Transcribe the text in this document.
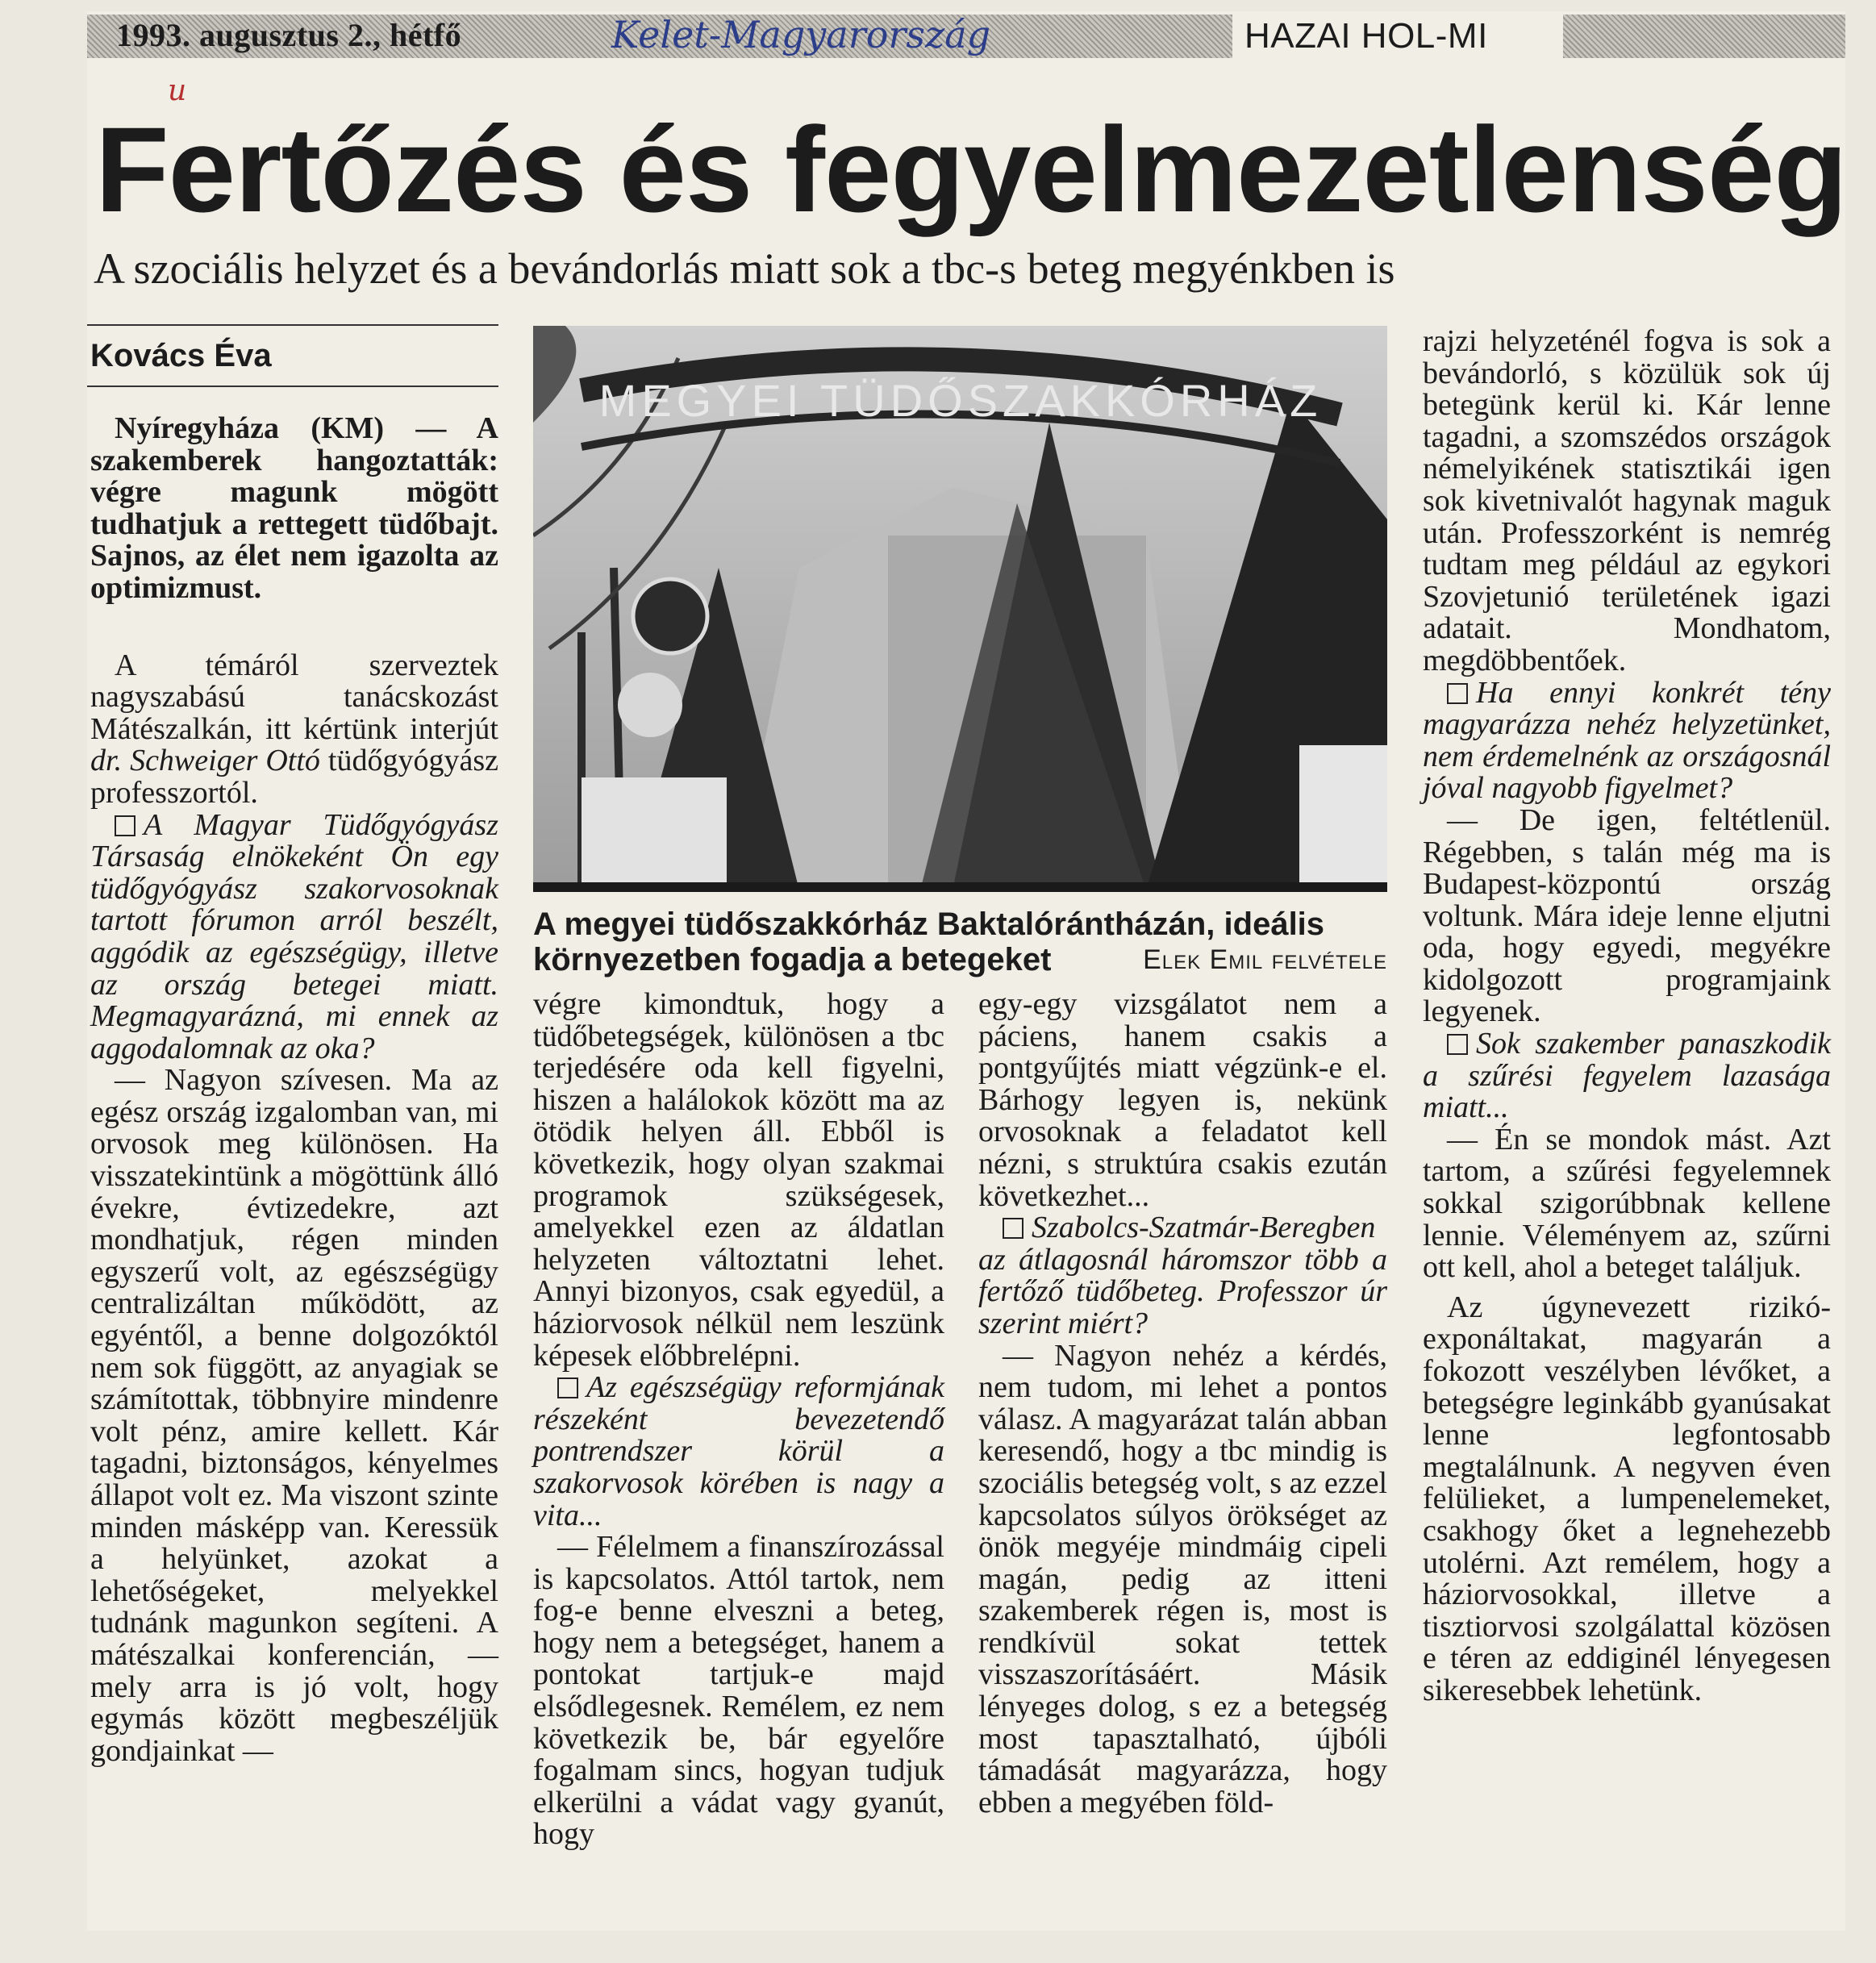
1993. augusztus 2., hétfő	Kelet-Magyarország	HAZAI HOL-MI
u
Fertőzés és fegyelmezetlenség
A szociális helyzet és a bevándorlás miatt sok a tbc-s beteg megyénkben is
Kovács Éva

Nyíregyháza (KM) — A szakemberek hangoztatták: végre magunk mögött tudhatjuk a rettegett tüdőbajt. Sajnos, az élet nem igazolta az optimizmust.

A témáról szerveztek nagyszabású tanácskozást Mátészalkán, itt kértünk interjút dr. Schweiger Ottó tüdőgyógyász professzortól.

A Magyar Tüdőgyógyász Társaság elnökeként Ön egy tüdőgyógyász szakorvosoknak tartott fórumon arról beszélt, aggódik az egészségügy, illetve az ország betegei miatt. Megmagyarázná, mi ennek az aggodalomnak az oka?

— Nagyon szívesen. Ma az egész ország izgalomban van, mi orvosok meg különösen. Ha visszatekintünk a mögöttünk álló évekre, évtizedekre, azt mondhatjuk, régen minden egyszerű volt, az egészségügy centralizáltan működött, az egyéntől, a benne dolgozóktól nem sok függött, az anyagiak se számítottak, többnyire mindenre volt pénz, amire kellett. Kár tagadni, biztonságos, kényelmes állapot volt ez. Ma viszont szinte minden másképp van. Keressük a helyünket, azokat a lehetőségeket, melyekkel tudnánk magunkon segíteni. A mátészalkai konferencián, — mely arra is jó volt, hogy egymás között megbeszéljük gondjainkat —

MEGYEI TÜDŐSZAKKÓRHÁZ
A megyei tüdőszakkórház Baktalórántházán, ideális környezetben fogadja a betegeket	Elek Emil felvétele

végre kimondtuk, hogy a tüdőbetegségek, különösen a tbc terjedésére oda kell figyelni, hiszen a halálokok között ma az ötödik helyen áll. Ebből is következik, hogy olyan szakmai programok szükségesek, amelyekkel ezen az áldatlan helyzeten változtatni lehet. Annyi bizonyos, csak egyedül, a háziorvosok nélkül nem leszünk képesek előbbrelépni.

Az egészségügy reformjának részeként bevezetendő pontrendszer körül a szakorvosok körében is nagy a vita...

— Félelmem a finanszírozással is kapcsolatos. Attól tartok, nem fog-e benne elveszni a beteg, hogy nem a betegséget, hanem a pontokat tartjuk-e majd elsődlegesnek. Remélem, ez nem következik be, bár egyelőre fogalmam sincs, hogyan tudjuk elkerülni a vádat vagy gyanút, hogy

egy-egy vizsgálatot nem a páciens, hanem csakis a pontgyűjtés miatt végzünk-e el. Bárhogy legyen is, nekünk orvosoknak a feladatot kell nézni, s struktúra csakis ezután következhet...

Szabolcs-Szatmár-Beregben az átlagosnál háromszor több a fertőző tüdőbeteg. Professzor úr szerint miért?

— Nagyon nehéz a kérdés, nem tudom, mi lehet a pontos válasz. A magyarázat talán abban keresendő, hogy a tbc mindig is szociális betegség volt, s az ezzel kapcsolatos súlyos örökséget az önök megyéje mindmáig cipeli magán, pedig az itteni szakemberek régen is, most is rendkívül sokat tettek visszaszorításáért. Másik lényeges dolog, s ez a betegség most tapasztalható, újbóli támadását magyarázza, hogy ebben a megyében föld-

rajzi helyzeténél fogva is sok a bevándorló, s közülük sok új betegünk kerül ki. Kár lenne tagadni, a szomszédos országok némelyikének statisztikái igen sok kivetnivalót hagynak maguk után. Professzorként is nemrég tudtam meg például az egykori Szovjetunió területének igazi adatait. Mondhatom, megdöbbentőek.

Ha ennyi konkrét tény magyarázza nehéz helyzetünket, nem érdemelnénk az országosnál jóval nagyobb figyelmet?

— De igen, feltétlenül. Régebben, s talán még ma is Budapest-központú ország voltunk. Mára ideje lenne eljutni oda, hogy egyedi, megyékre kidolgozott programjaink legyenek.

Sok szakember panaszkodik a szűrési fegyelem lazasága miatt...

— Én se mondok mást. Azt tartom, a szűrési fegyelemnek sokkal szigorúbbnak kellene lennie. Véleményem az, szűrni ott kell, ahol a beteget találjuk.

Az úgynevezett rizikó-exponáltakat, magyarán a fokozott veszélyben lévőket, a betegségre leginkább gyanúsakat lenne legfontosabb megtalálnunk. A negyven éven felülieket, a lumpenelemeket, csakhogy őket a legnehezebb utolérni. Azt remélem, hogy a háziorvosokkal, illetve a tisztiorvosi szolgálattal közösen e téren az eddiginél lényegesen sikeresebbek lehetünk.
